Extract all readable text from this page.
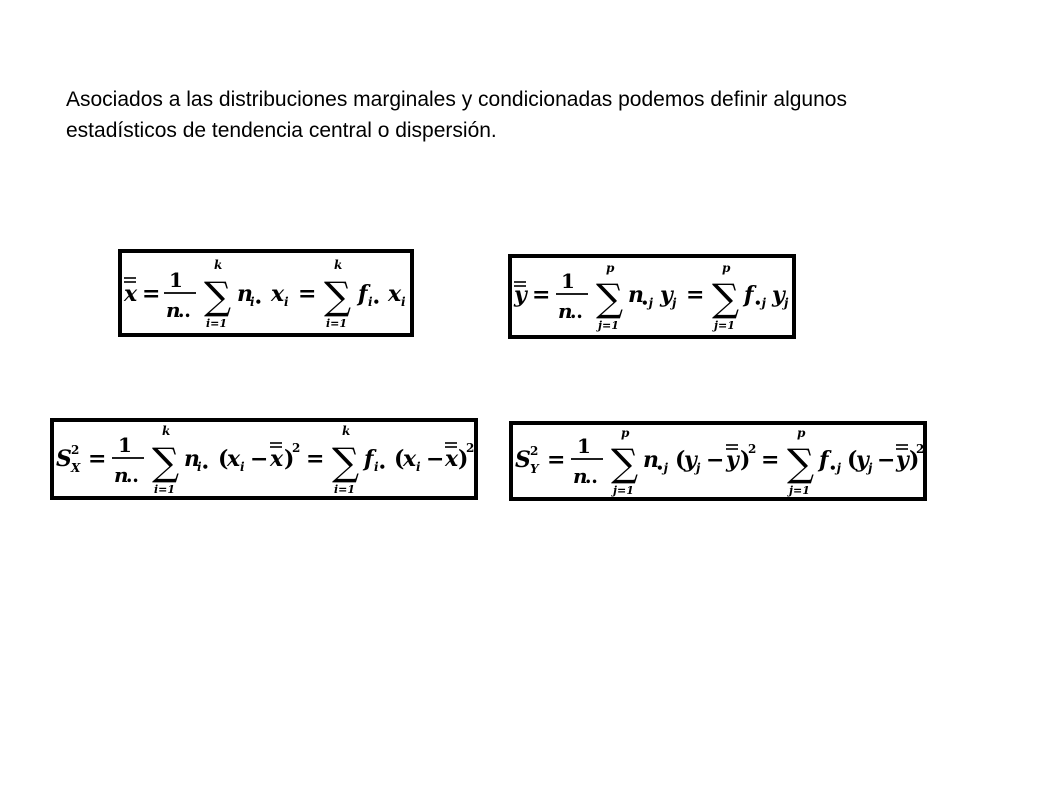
Asociados a las distribuciones marginales y condicionadas podemos definir algunos

estadísticos de tendencia central o dispersión.

x =
1
n
••
k
∑
i=1
n
i• x i =
k
∑
i=1
f i• x i	y =
1
n
••
p
∑
j=1
n
•j y j =
p
∑
j=1
f •j y j
S 2
X =
1
n
••
k
∑
i=1
n
i• (
x i − x )
2 =
k
∑
i=1
f i• (
x i − x )
2 S 2
Y =
1
n
••
p
∑
j=1
n
•j (
y j − y )
2 =
p
∑
j=1
f •j (
y j − y )
2
